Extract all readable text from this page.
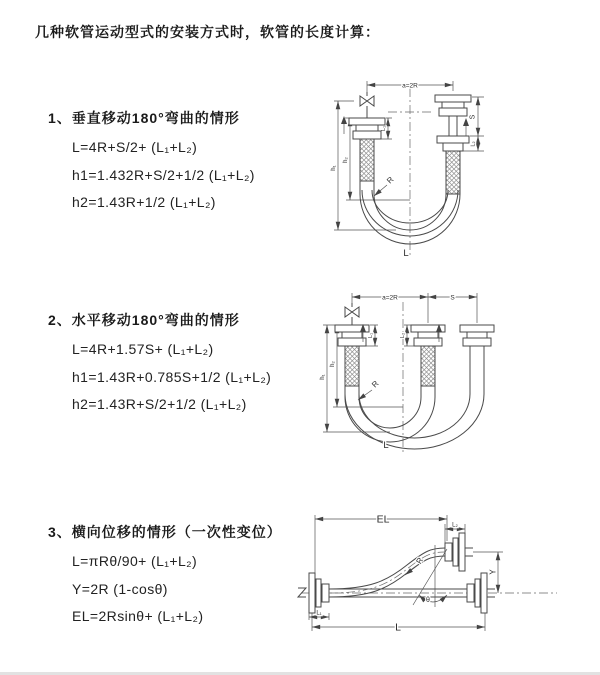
几种软管运动型式的安装方式时，软管的长度计算：
1、垂直移动180°弯曲的情形
L=4R+S/2+ (L₁+L₂)
h1=1.432R+S/2+1/2 (L₁+L₂)
h2=1.43R+1/2 (L₁+L₂)
2、水平移动180°弯曲的情形
L=4R+1.57S+ (L₁+L₂)
h1=1.43R+0.785S+1/2 (L₁+L₂)
h2=1.43R+S/2+1/2 (L₁+L₂)
3、横向位移的情形（一次性变位）
L=πRθ/90+ (L₁+L₂)
Y=2R (1-cosθ)
EL=2Rsinθ+ (L₁+L₂)
a=2R
S
L₂
L₁
h₂
h₁
R
L
a=2R	S
h₁
h₂
L₁	L₂
R
L
EL	L₂
Y
L₁
L
θ
R
